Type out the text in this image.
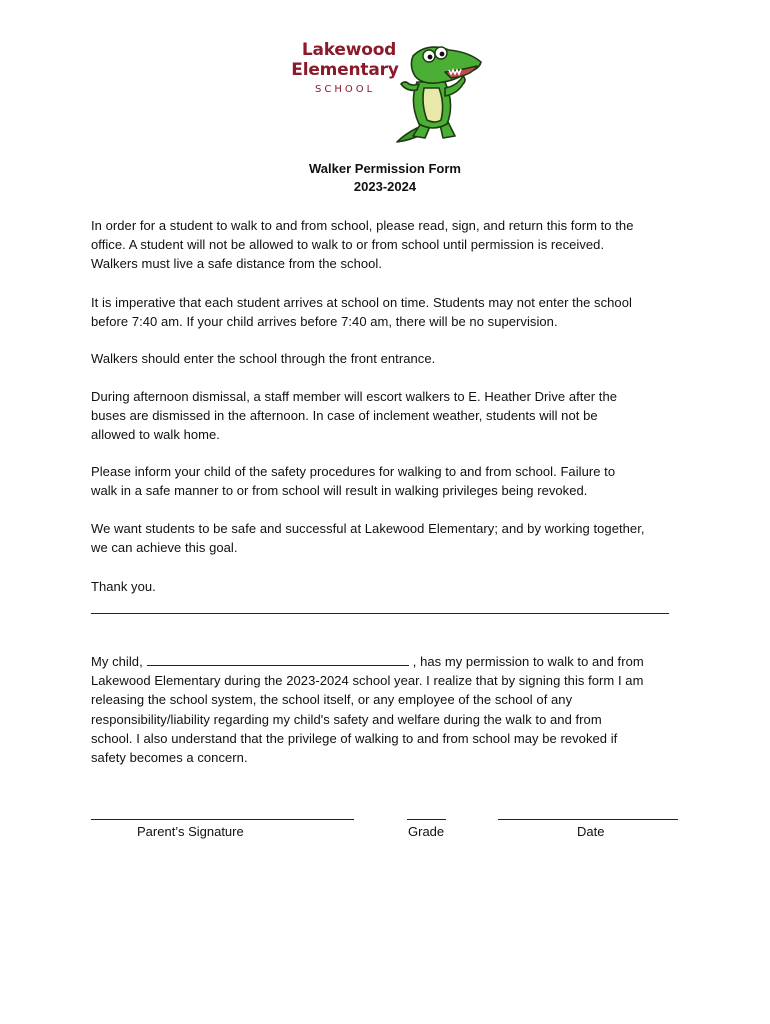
Lakewood
Elementary
SCHOOL
Walker Permission Form
2023-2024
In order for a student to walk to and from school, please read, sign, and return this form to the
office. A student will not be allowed to walk to or from school until permission is received.
Walkers must live a safe distance from the school.
It is imperative that each student arrives at school on time. Students may not enter the school
before 7:40 am. If your child arrives before 7:40 am, there will be no supervision.
Walkers should enter the school through the front entrance.
During afternoon dismissal, a staff member will escort walkers to E. Heather Drive after the
buses are dismissed in the afternoon. In case of inclement weather, students will not be
allowed to walk home.
Please inform your child of the safety procedures for walking to and from school. Failure to
walk in a safe manner to or from school will result in walking privileges being revoked.
We want students to be safe and successful at Lakewood Elementary; and by working together,
we can achieve this goal.
Thank you.
My child,	, has my permission to walk to and from
Lakewood Elementary during the 2023-2024 school year. I realize that by signing this form I am
releasing the school system, the school itself, or any employee of the school of any
responsibility/liability regarding my child's safety and welfare during the walk to and from
school. I also understand that the privilege of walking to and from school may be revoked if
safety becomes a concern.
Parent’s Signature	Grade	Date
